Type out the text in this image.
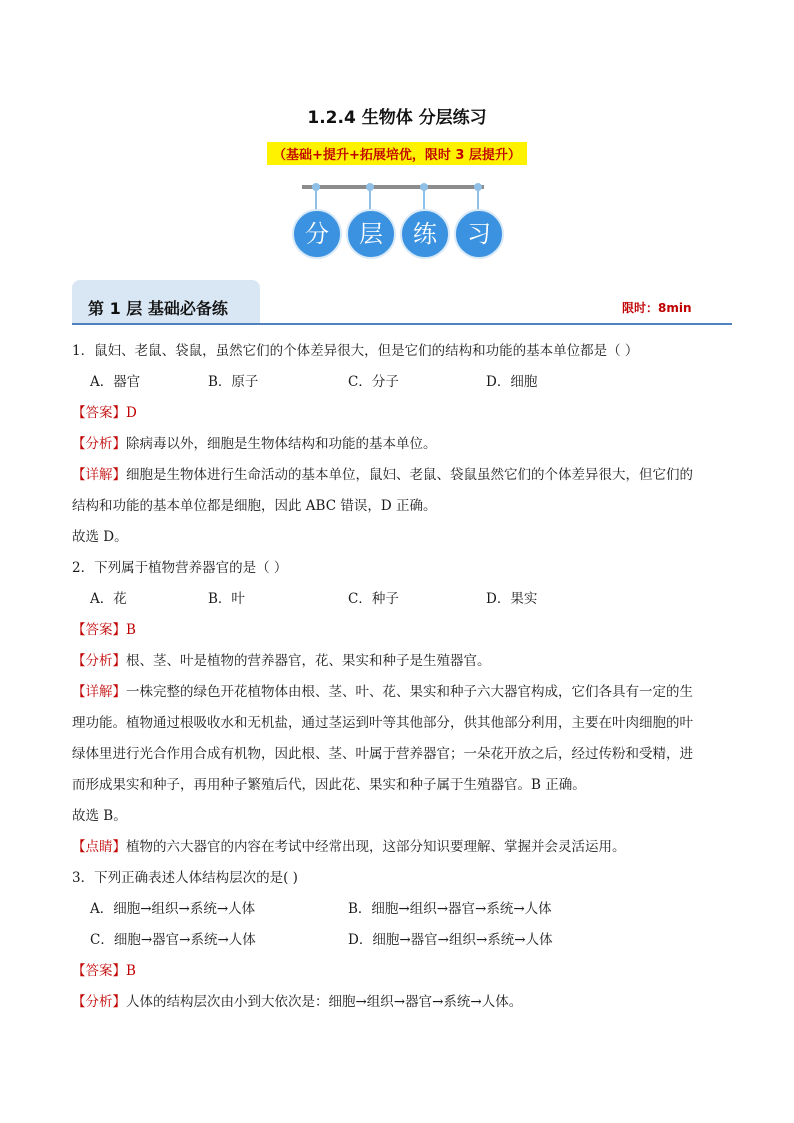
1.2.4 生物体 分层练习
（基础+提升+拓展培优，限时 3 层提升）
分	层	练	习
第 1 层 基础必备练	限时：8min
1．鼠妇、老鼠、袋鼠，虽然它们的个体差异很大，但是它们的结构和功能的基本单位都是（ ）
A．器官	B．原子	C．分子	D．细胞
【答案】D
【分析】除病毒以外，细胞是生物体结构和功能的基本单位。
【详解】细胞是生物体进行生命活动的基本单位，鼠妇、老鼠、袋鼠虽然它们的个体差异很大，但它们的
结构和功能的基本单位都是细胞，因此 ABC 错误，D 正确。
故选 D。
2．下列属于植物营养器官的是（ ）
A．花	B．叶	C．种子	D．果实
【答案】B
【分析】根、茎、叶是植物的营养器官，花、果实和种子是生殖器官。
【详解】一株完整的绿色开花植物体由根、茎、叶、花、果实和种子六大器官构成，它们各具有一定的生
理功能。植物通过根吸收水和无机盐，通过茎运到叶等其他部分，供其他部分利用，主要在叶肉细胞的叶
绿体里进行光合作用合成有机物，因此根、茎、叶属于营养器官；一朵花开放之后，经过传粉和受精，进
而形成果实和种子，再用种子繁殖后代，因此花、果实和种子属于生殖器官。B 正确。
故选 B。
【点睛】植物的六大器官的内容在考试中经常出现，这部分知识要理解、掌握并会灵活运用。
3．下列正确表述人体结构层次的是( )
A．细胞→组织→系统→人体	B．细胞→组织→器官→系统→人体
C．细胞→器官→系统→人体	D．细胞→器官→组织→系统→人体
【答案】B
【分析】人体的结构层次由小到大依次是：细胞→组织→器官→系统→人体。
